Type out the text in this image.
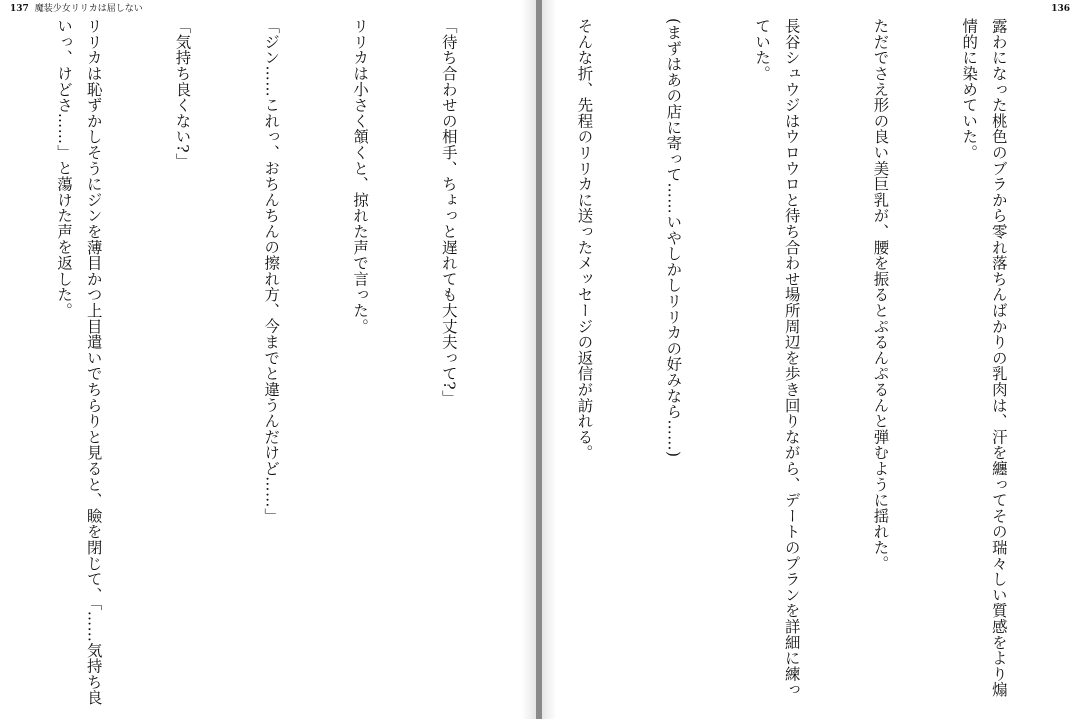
137 魔装少女リリカは屈しない

「待ち合わせの相手、ちょっと遅れても大丈夫って?」

リリカは小さく頷くと、掠れた声で言った。

「ジン……これっ、おちんちんの擦れ方、今までと違うんだけど……」

「気持ち良くない?」

リリカは恥ずかしそうにジンを薄目かつ上目遣いでちらりと見ると、瞼を閉じて、「……気持ち良いっ、けどさ……」と蕩けた声を返した。

136

露わになった桃色のブラから零れ落ちんばかりの乳肉は、汗を纏ってその瑞々しい質感をより煽情的に染めていた。

ただでさえ形の良い美巨乳が、腰を振るとぷるんぷるんと弾むように揺れた。

長谷シュウジはウロウロと待ち合わせ場所周辺を歩き回りながら、デートのプランを詳細に練っていた。

(まずはあの店に寄って……いやしかしリリカの好みなら……)

そんな折、先程のリリカに送ったメッセージの返信が訪れる。
